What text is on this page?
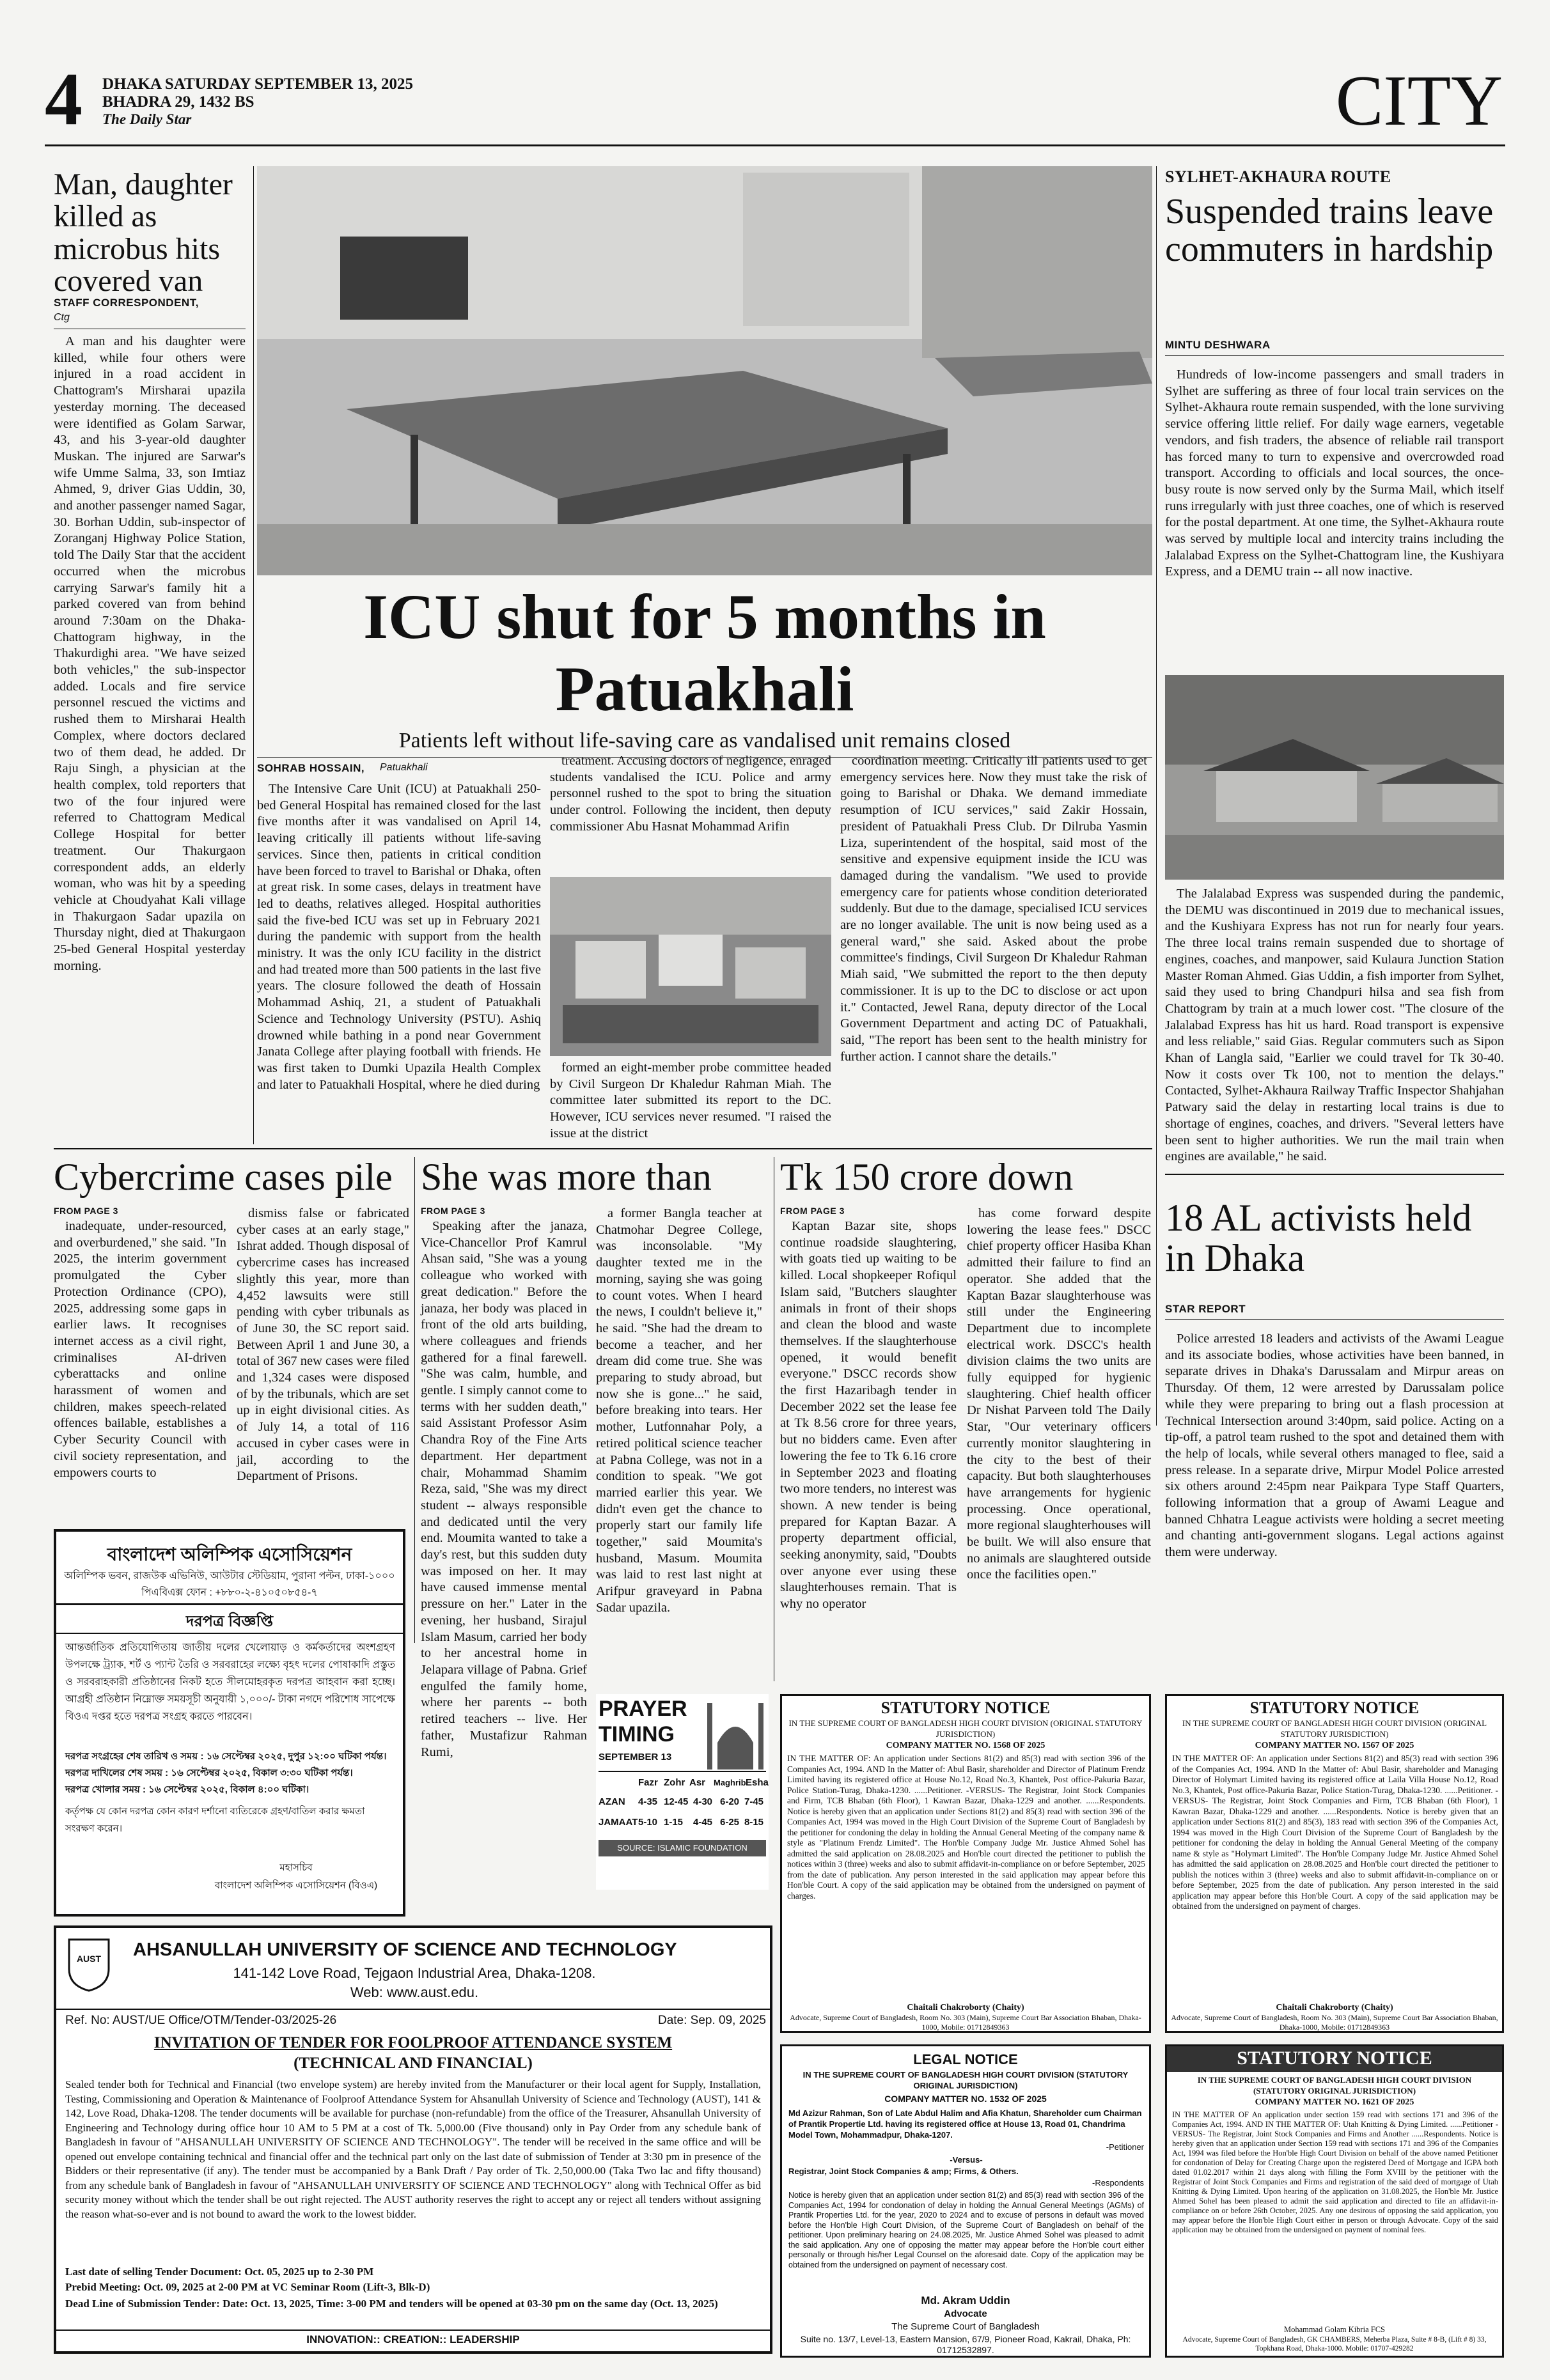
4	DHAKA SATURDAY SEPTEMBER 13, 2025
BHADRA 29, 1432 BS
The Daily Star	CITY
Man, daughter killed as microbus hits covered van
STAFF CORRESPONDENT,
Ctg
A man and his daughter were killed, while four others were injured in a road accident in Chattogram's Mirsharai upazila yesterday morning. The deceased were identified as Golam Sarwar, 43, and his 3-year-old daughter Muskan. The injured are Sarwar's wife Umme Salma, 33, son Imtiaz Ahmed, 9, driver Gias Uddin, 30, and another passenger named Sagar, 30. Borhan Uddin, sub-inspector of Zoranganj Highway Police Station, told The Daily Star that the accident occurred when the microbus carrying Sarwar's family hit a parked covered van from behind around 7:30am on the Dhaka-Chattogram highway, in the Thakurdighi area. "We have seized both vehicles," the sub-inspector added. Locals and fire service personnel rescued the victims and rushed them to Mirsharai Health Complex, where doctors declared two of them dead, he added. Dr Raju Singh, a physician at the health complex, told reporters that two of the four injured were referred to Chattogram Medical College Hospital for better treatment. Our Thakurgaon correspondent adds, an elderly woman, who was hit by a speeding vehicle at Choudyahat Kali village in Thakurgaon Sadar upazila on Thursday night, died at Thakurgaon 25-bed General Hospital yesterday morning.
ICU shut for 5 months in Patuakhali
Patients left without life-saving care as vandalised unit remains closed
SOHRAB HOSSAIN,	Patuakhali
The Intensive Care Unit (ICU) at Patuakhali 250-bed General Hospital has remained closed for the last five months after it was vandalised on April 14, leaving critically ill patients without life-saving services. Since then, patients in critical condition have been forced to travel to Barishal or Dhaka, often at great risk. In some cases, delays in treatment have led to deaths, relatives alleged. Hospital authorities said the five-bed ICU was set up in February 2021 during the pandemic with support from the health ministry. It was the only ICU facility in the district and had treated more than 500 patients in the last five years. The closure followed the death of Hossain Mohammad Ashiq, 21, a student of Patuakhali Science and Technology University (PSTU). Ashiq drowned while bathing in a pond near Government Janata College after playing football with friends. He was first taken to Dumki Upazila Health Complex and later to Patuakhali Hospital, where he died during
treatment. Accusing doctors of negligence, enraged students vandalised the ICU. Police and army personnel rushed to the spot to bring the situation under control. Following the incident, then deputy commissioner Abu Hasnat Mohammad Arifin
formed an eight-member probe committee headed by Civil Surgeon Dr Khaledur Rahman Miah. The committee later submitted its report to the DC. However, ICU services never resumed. "I raised the issue at the district
coordination meeting. Critically ill patients used to get emergency services here. Now they must take the risk of going to Barishal or Dhaka. We demand immediate resumption of ICU services," said Zakir Hossain, president of Patuakhali Press Club. Dr Dilruba Yasmin Liza, superintendent of the hospital, said most of the sensitive and expensive equipment inside the ICU was damaged during the vandalism. "We used to provide emergency care for patients whose condition deteriorated suddenly. But due to the damage, specialised ICU services are no longer available. The unit is now being used as a general ward," she said. Asked about the probe committee's findings, Civil Surgeon Dr Khaledur Rahman Miah said, "We submitted the report to the then deputy commissioner. It is up to the DC to disclose or act upon it." Contacted, Jewel Rana, deputy director of the Local Government Department and acting DC of Patuakhali, said, "The report has been sent to the health ministry for further action. I cannot share the details."
SYLHET-AKHAURA ROUTE
Suspended trains leave commuters in hardship
MINTU DESHWARA
Hundreds of low-income passengers and small traders in Sylhet are suffering as three of four local train services on the Sylhet-Akhaura route remain suspended, with the lone surviving service offering little relief. For daily wage earners, vegetable vendors, and fish traders, the absence of reliable rail transport has forced many to turn to expensive and overcrowded road transport. According to officials and local sources, the once-busy route is now served only by the Surma Mail, which itself runs irregularly with just three coaches, one of which is reserved for the postal department. At one time, the Sylhet-Akhaura route was served by multiple local and intercity trains including the Jalalabad Express on the Sylhet-Chattogram line, the Kushiyara Express, and a DEMU train -- all now inactive.
The Jalalabad Express was suspended during the pandemic, the DEMU was discontinued in 2019 due to mechanical issues, and the Kushiyara Express has not run for nearly four years. The three local trains remain suspended due to shortage of engines, coaches, and manpower, said Kulaura Junction Station Master Roman Ahmed. Gias Uddin, a fish importer from Sylhet, said they used to bring Chandpuri hilsa and sea fish from Chattogram by train at a much lower cost. "The closure of the Jalalabad Express has hit us hard. Road transport is expensive and less reliable," said Gias. Regular commuters such as Sipon Khan of Langla said, "Earlier we could travel for Tk 30-40. Now it costs over Tk 100, not to mention the delays." Contacted, Sylhet-Akhaura Railway Traffic Inspector Shahjahan Patwary said the delay in restarting local trains is due to shortage of engines, coaches, and drivers. "Several letters have been sent to higher authorities. We run the mail train when engines are available," he said.
18 AL activists held in Dhaka
STAR REPORT
Police arrested 18 leaders and activists of the Awami League and its associate bodies, whose activities have been banned, in separate drives in Dhaka's Darussalam and Mirpur areas on Thursday. Of them, 12 were arrested by Darussalam police while they were preparing to bring out a flash procession at Technical Intersection around 3:40pm, said police. Acting on a tip-off, a patrol team rushed to the spot and detained them with the help of locals, while several others managed to flee, said a press release. In a separate drive, Mirpur Model Police arrested six others around 2:45pm near Paikpara Type Staff Quarters, following information that a group of Awami League and banned Chhatra League activists were holding a secret meeting and chanting anti-government slogans. Legal actions against them were underway.
Cybercrime cases pile
FROM PAGE 3
inadequate, under-resourced, and overburdened," she said. "In 2025, the interim government promulgated the Cyber Protection Ordinance (CPO), 2025, addressing some gaps in earlier laws. It recognises internet access as a civil right, criminalises AI-driven cyberattacks and online harassment of women and children, makes speech-related offences bailable, establishes a Cyber Security Council with civil society representation, and empowers courts to
dismiss false or fabricated cyber cases at an early stage," Ishrat added. Though disposal of cybercrime cases has increased slightly this year, more than 4,452 lawsuits were still pending with cyber tribunals as of June 30, the SC report said. Between April 1 and June 30, a total of 367 new cases were filed and 1,324 cases were disposed of by the tribunals, which are set up in eight divisional cities. As of July 14, a total of 116 accused in cyber cases were in jail, according to the Department of Prisons.
She was more than
FROM PAGE 3
Speaking after the janaza, Vice-Chancellor Prof Kamrul Ahsan said, "She was a young colleague who worked with great dedication." Before the janaza, her body was placed in front of the old arts building, where colleagues and friends gathered for a final farewell. "She was calm, humble, and gentle. I simply cannot come to terms with her sudden death," said Assistant Professor Asim Chandra Roy of the Fine Arts department. Her department chair, Mohammad Shamim Reza, said, "She was my direct student -- always responsible and dedicated until the very end. Moumita wanted to take a day's rest, but this sudden duty was imposed on her. It may have caused immense mental pressure on her." Later in the evening, her husband, Sirajul Islam Masum, carried her body to her ancestral home in Jelapara village of Pabna. Grief engulfed the family home, where her parents -- both retired teachers -- live. Her father, Mustafizur Rahman Rumi,
a former Bangla teacher at Chatmohar Degree College, was inconsolable. "My daughter texted me in the morning, saying she was going to count votes. When I heard the news, I couldn't believe it," he said. "She had the dream to become a teacher, and her dream did come true. She was preparing to study abroad, but now she is gone..." he said, before breaking into tears. Her mother, Lutfonnahar Poly, a retired political science teacher at Pabna College, was not in a condition to speak. "We got married earlier this year. We didn't even get the chance to properly start our family life together," said Moumita's husband, Masum. Moumita was laid to rest last night at Arifpur graveyard in Pabna Sadar upazila.
Tk 150 crore down
FROM PAGE 3
Kaptan Bazar site, shops continue roadside slaughtering, with goats tied up waiting to be killed. Local shopkeeper Rofiqul Islam said, "Butchers slaughter animals in front of their shops and clean the blood and waste themselves. If the slaughterhouse opened, it would benefit everyone." DSCC records show the first Hazaribagh tender in December 2022 set the lease fee at Tk 8.56 crore for three years, but no bidders came. Even after lowering the fee to Tk 6.16 crore in September 2023 and floating two more tenders, no interest was shown. A new tender is being prepared for Kaptan Bazar. A property department official, seeking anonymity, said, "Doubts over anyone ever using these slaughterhouses remain. That is why no operator
has come forward despite lowering the lease fees." DSCC chief property officer Hasiba Khan admitted their failure to find an operator. She added that the Kaptan Bazar slaughterhouse was still under the Engineering Department due to incomplete electrical work. DSCC's health division claims the two units are fully equipped for hygienic slaughtering. Chief health officer Dr Nishat Parveen told The Daily Star, "Our veterinary officers currently monitor slaughtering in the city to the best of their capacity. But both slaughterhouses have arrangements for hygienic processing. Once operational, more regional slaughterhouses will be built. We will also ensure that no animals are slaughtered outside once the facilities open."
বাংলাদেশ অলিম্পিক এসোসিয়েশন
অলিম্পিক ভবন, রাজউক এভিনিউ, আউটার স্টেডিয়াম, পুরানা পল্টন, ঢাকা-১০০০
পিএবিএক্স ফোন : +৮৮০-২-৪১০৫০৮৫৪-৭
দরপত্র বিজ্ঞপ্তি
আন্তর্জাতিক প্রতিযোগিতায় জাতীয় দলের খেলোয়াড় ও কর্মকর্তাদের অংশগ্রহণ উপলক্ষে ট্র্যাক, শর্ট ও প্যান্ট তৈরি ও সরবরাহের লক্ষ্যে বৃহৎ দলের পোষাকাদি প্রস্তুত ও সরবরাহকারী প্রতিষ্ঠানের নিকট হতে সীলমোহরকৃত দরপত্র আহবান করা হচ্ছে। আগ্রহী প্রতিষ্ঠান নিম্নোক্ত সময়সূচী অনুযায়ী ১,০০০/- টাকা নগদে পরিশোধ সাপেক্ষে বিওএ দপ্তর হতে দরপত্র সংগ্রহ করতে পারবেন।
দরপত্র সংগ্রহের শেষ তারিখ ও সময় : ১৬ সেপ্টেম্বর ২০২৫, দুপুর ১২:০০ ঘটিকা পর্যন্ত।
দরপত্র দাখিলের শেষ সময় : ১৬ সেপ্টেম্বর ২০২৫, বিকাল ৩:৩০ ঘটিকা পর্যন্ত।
দরপত্র খোলার সময় : ১৬ সেপ্টেম্বর ২০২৫, বিকাল ৪:০০ ঘটিকা।
কর্তৃপক্ষ যে কোন দরপত্র কোন কারণ দর্শানো ব্যতিরেকে গ্রহণ/বাতিল করার ক্ষমতা সংরক্ষণ করেন।
মহাসচিব
বাংলাদেশ অলিম্পিক এসোসিয়েশন (বিওএ)
PRAYER
TIMING
SEPTEMBER 13
Fazr Zohr Asr Maghrib Esha
AZAN	4-35 12-45 4-30 6-20 7-45
JAMAAT 5-10 1-15	4-45 6-25 8-15
SOURCE: ISLAMIC FOUNDATION
AUST	AHSANULLAH UNIVERSITY OF SCIENCE AND TECHNOLOGY
141-142 Love Road, Tejgaon Industrial Area, Dhaka-1208.
Web: www.aust.edu.
Ref. No: AUST/UE Office/OTM/Tender-03/2025-26	Date: Sep. 09, 2025
INVITATION OF TENDER FOR FOOLPROOF ATTENDANCE SYSTEM
(TECHNICAL AND FINANCIAL)
Sealed tender both for Technical and Financial (two envelope system) are hereby invited from the Manufacturer or their local agent for Supply, Installation, Testing, Commissioning and Operation & Maintenance of Foolproof Attendance System for Ahsanullah University of Science and Technology (AUST), 141 & 142, Love Road, Dhaka-1208. The tender documents will be available for purchase (non-refundable) from the office of the Treasurer, Ahsanullah University of Engineering and Technology during office hour 10 AM to 5 PM at a cost of Tk. 5,000.00 (Five thousand) only in Pay Order from any schedule bank of Bangladesh in favour of "AHSANULLAH UNIVERSITY OF SCIENCE AND TECHNOLOGY". The tender will be received in the same office and will be opened out envelope containing technical and financial offer and the technical part only on the last date of submission of Tender at 3:30 pm in presence of the Bidders or their representative (if any). The tender must be accompanied by a Bank Draft / Pay order of Tk. 2,50,000.00 (Taka Two lac and fifty thousand) from any schedule bank of Bangladesh in favour of "AHSANULLAH UNIVERSITY OF SCIENCE AND TECHNOLOGY" along with Technical Offer as bid security money without which the tender shall be out right rejected. The AUST authority reserves the right to accept any or reject all tenders without assigning the reason what-so-ever and is not bound to award the work to the lowest bidder.
Last date of selling Tender Document: Oct. 05, 2025 up to 2-30 PM
Prebid Meeting: Oct. 09, 2025 at 2-00 PM at VC Seminar Room (Lift-3, Blk-D)
Dead Line of Submission Tender: Date: Oct. 13, 2025, Time: 3-00 PM and tenders will be opened at 03-30 pm on the same day (Oct. 13, 2025)
INNOVATION:: CREATION:: LEADERSHIP
STATUTORY NOTICE
IN THE SUPREME COURT OF BANGLADESH HIGH COURT DIVISION (ORIGINAL STATUTORY JURISDICTION)
COMPANY MATTER NO. 1568 OF 2025
IN THE MATTER OF: An application under Sections 81(2) and 85(3) read with section 396 of the Companies Act, 1994. AND In the Matter of: Abul Basir, shareholder and Director of Platinum Frendz Limited having its registered office at House No.12, Road No.3, Khantek, Post office-Pakuria Bazar, Police Station-Turag, Dhaka-1230. ......Petitioner. -VERSUS- The Registrar, Joint Stock Companies and Firm, TCB Bhaban (6th Floor), 1 Kawran Bazar, Dhaka-1229 and another. ......Respondents. Notice is hereby given that an application under Sections 81(2) and 85(3) read with section 396 of the Companies Act, 1994 was moved in the High Court Division of the Supreme Court of Bangladesh by the petitioner for condoning the delay in holding the Annual General Meeting of the company name & style as "Platinum Frendz Limited". The Hon'ble Company Judge Mr. Justice Ahmed Sohel has admitted the said application on 28.08.2025 and Hon'ble court directed the petitioner to publish the notices within 3 (three) weeks and also to submit affidavit-in-compliance on or before September, 2025 from the date of publication. Any person interested in the said application may appear before this Hon'ble Court. A copy of the said application may be obtained from the undersigned on payment of charges.
Chaitali Chakroborty (Chaity)
Advocate, Supreme Court of Bangladesh, Room No. 303 (Main), Supreme Court Bar Association Bhaban, Dhaka-1000, Mobile: 01712849363
STATUTORY NOTICE
IN THE SUPREME COURT OF BANGLADESH HIGH COURT DIVISION (ORIGINAL STATUTORY JURISDICTION)
COMPANY MATTER NO. 1567 OF 2025
IN THE MATTER OF: An application under Sections 81(2) and 85(3) read with section 396 of the Companies Act, 1994. AND In the Matter of: Abul Basir, shareholder and Managing Director of Holymart Limited having its registered office at Laila Villa House No.12, Road No.3, Khantek, Post office-Pakuria Bazar, Police Station-Turag, Dhaka-1230. ......Petitioner. -VERSUS- The Registrar, Joint Stock Companies and Firm, TCB Bhaban (6th Floor), 1 Kawran Bazar, Dhaka-1229 and another. ......Respondents. Notice is hereby given that an application under Sections 81(2) and 85(3), 183 read with section 396 of the Companies Act, 1994 was moved in the High Court Division of the Supreme Court of Bangladesh by the petitioner for condoning the delay in holding the Annual General Meeting of the company name & style as "Holymart Limited". The Hon'ble Company Judge Mr. Justice Ahmed Sohel has admitted the said application on 28.08.2025 and Hon'ble court directed the petitioner to publish the notices within 3 (three) weeks and also to submit affidavit-in-compliance on or before September, 2025 from the date of publication. Any person interested in the said application may appear before this Hon'ble Court. A copy of the said application may be obtained from the undersigned on payment of charges.
Chaitali Chakroborty (Chaity)
Advocate, Supreme Court of Bangladesh, Room No. 303 (Main), Supreme Court Bar Association Bhaban, Dhaka-1000, Mobile: 01712849363
LEGAL NOTICE
IN THE SUPREME COURT OF BANGLADESH HIGH COURT DIVISION (STATUTORY ORIGINAL JURISDICTION)
COMPANY MATTER NO. 1532 OF 2025
Md Azizur Rahman, Son of Late Abdul Halim and Afia Khatun, Shareholder cum Chairman of Prantik Propertie Ltd. having its registered office at House 13, Road 01, Chandrima Model Town, Mohammadpur, Dhaka-1207.
-Petitioner
-Versus-
Registrar, Joint Stock Companies & amp; Firms, & Others.
-Respondents
Notice is hereby given that an application under section 81(2) and 85(3) read with section 396 of the Companies Act, 1994 for condonation of delay in holding the Annual General Meetings (AGMs) of Prantik Properties Ltd. for the year, 2020 to 2024 and to excuse of persons in default was moved before the Hon'ble High Court Division, of the Supreme Court of Bangladesh on behalf of the petitioner. Upon preliminary hearing on 24.08.2025, Mr. Justice Ahmed Sohel was pleased to admit the said application. Any one of opposing the matter may appear before the Hon'ble court either personally or through his/her Legal Counsel on the aforesaid date. Copy of the application may be obtained from the undersigned on payment of necessary cost.
Md. Akram Uddin
Advocate
The Supreme Court of Bangladesh
Suite no. 13/7, Level-13, Eastern Mansion, 67/9, Pioneer Road, Kakrail, Dhaka, Ph: 01712532897.
STATUTORY NOTICE
IN THE SUPREME COURT OF BANGLADESH HIGH COURT DIVISION (STATUTORY ORIGINAL JURISDICTION)
COMPANY MATTER NO. 1621 OF 2025
IN THE MATTER OF An application under section 159 read with sections 171 and 396 of the Companies Act, 1994. AND IN THE MATTER OF: Utah Knitting & Dying Limited. ......Petitioner -VERSUS- The Registrar, Joint Stock Companies and Firms and Another ......Respondents. Notice is hereby given that an application under Section 159 read with sections 171 and 396 of the Companies Act, 1994 was filed before the Hon'ble High Court Division on behalf of the above named Petitioner for condonation of Delay for Creating Charge upon the registered Deed of Mortgage and IGPA both dated 01.02.2017 within 21 days along with filling the Form XVIII by the petitioner with the Registrar of Joint Stock Companies and Firms and registration of the said deed of mortgage of Utah Knitting & Dying Limited. Upon hearing of the application on 31.08.2025, the Hon'ble Mr. Justice Ahmed Sohel has been pleased to admit the said application and directed to file an affidavit-in-compliance on or before 26th October, 2025. Any one desirous of opposing the said application, you may appear before the Hon'ble High Court either in person or through Advocate. Copy of the said application may be obtained from the undersigned on payment of nominal fees.
Mohammad Golam Kibria FCS
Advocate, Supreme Court of Bangladesh, GK CHAMBERS, Meherba Plaza, Suite # 8-B, (Lift # 8) 33, Topkhana Road, Dhaka-1000. Mobile: 01707-429282
